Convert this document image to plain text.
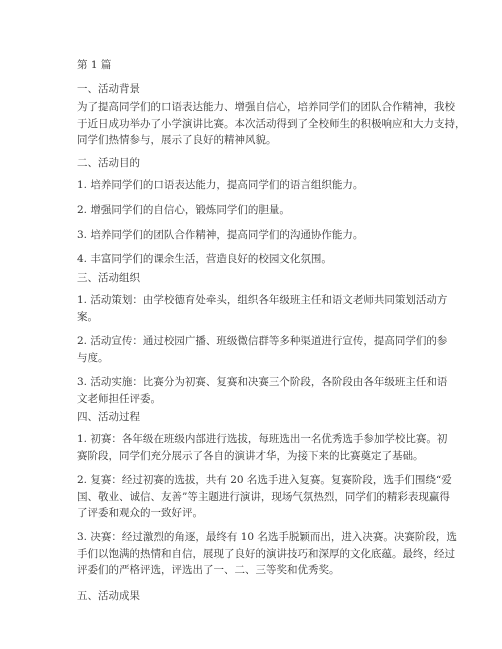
第 1 篇
一、活动背景
为了提高同学们的口语表达能力、增强自信心，培养同学们的团队合作精神，我校
于近日成功举办了小学演讲比赛。本次活动得到了全校师生的积极响应和大力支持，
同学们热情参与，展示了良好的精神风貌。
二、活动目的
1. 培养同学们的口语表达能力，提高同学们的语言组织能力。
2. 增强同学们的自信心，锻炼同学们的胆量。
3. 培养同学们的团队合作精神，提高同学们的沟通协作能力。
4. 丰富同学们的课余生活，营造良好的校园文化氛围。
三、活动组织
1. 活动策划：由学校德育处牵头，组织各年级班主任和语文老师共同策划活动方
案。
2. 活动宣传：通过校园广播、班级微信群等多种渠道进行宣传，提高同学们的参
与度。
3. 活动实施：比赛分为初赛、复赛和决赛三个阶段，各阶段由各年级班主任和语
文老师担任评委。
四、活动过程
1. 初赛：各年级在班级内部进行选拔，每班选出一名优秀选手参加学校比赛。初
赛阶段，同学们充分展示了各自的演讲才华，为接下来的比赛奠定了基础。
2. 复赛：经过初赛的选拔，共有 20 名选手进入复赛。复赛阶段，选手们围绕“爱
国、敬业、诚信、友善”等主题进行演讲，现场气氛热烈，同学们的精彩表现赢得
了评委和观众的一致好评。
3. 决赛：经过激烈的角逐，最终有 10 名选手脱颖而出，进入决赛。决赛阶段，选
手们以饱满的热情和自信，展现了良好的演讲技巧和深厚的文化底蕴。最终，经过
评委们的严格评选，评选出了一、二、三等奖和优秀奖。
五、活动成果
